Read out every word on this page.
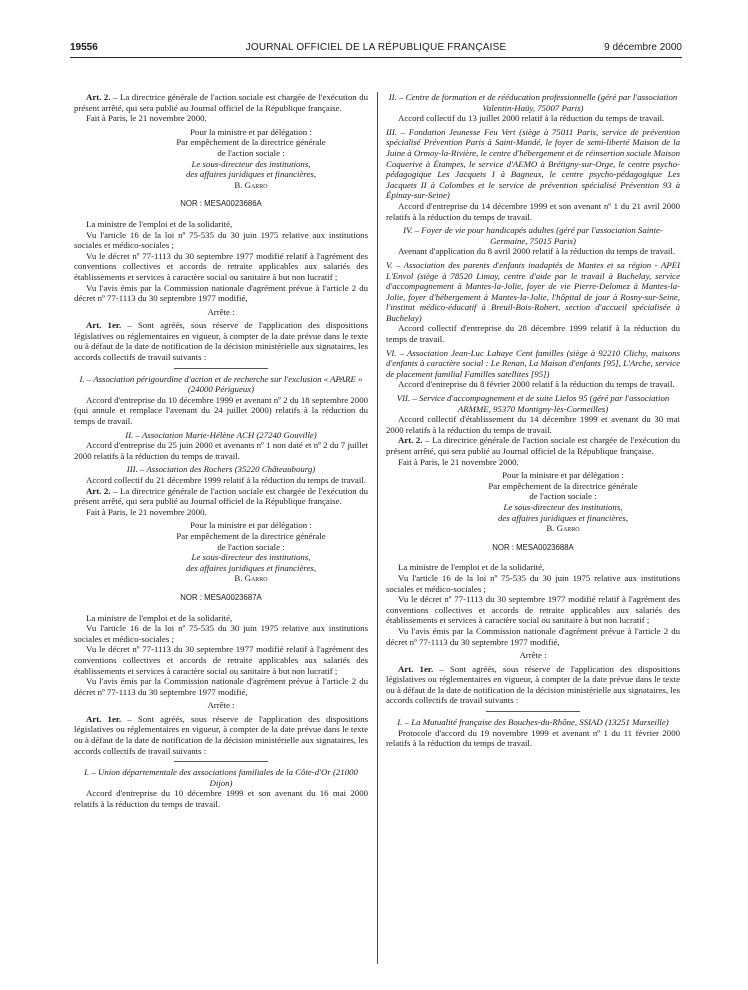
19556	JOURNAL OFFICIEL DE LA RÉPUBLIQUE FRANÇAISE	9 décembre 2000

Art. 2. – La directrice générale de l'action sociale est chargée de l'exécution du présent arrêté, qui sera publié au Journal officiel de la République française.

Fait à Paris, le 21 novembre 2000.

Pour la ministre et par délégation :
Par empêchement de la directrice générale
de l'action sociale :
Le sous-directeur des institutions,
des affaires juridiques et financières,
B. Garro
NOR : MESA0023686A

La ministre de l'emploi et de la solidarité,

Vu l'article 16 de la loi nº 75-535 du 30 juin 1975 relative aux institutions sociales et médico-sociales ;

Vu le décret nº 77-1113 du 30 septembre 1977 modifié relatif à l'agrément des conventions collectives et accords de retraite applicables aux salariés des établissements et services à caractère social ou sanitaire à but non lucratif ;

Vu l'avis émis par la Commission nationale d'agrément prévue à l'article 2 du décret nº 77-1113 du 30 septembre 1977 modifié,

Arrête :

Art. 1er. – Sont agréés, sous réserve de l'application des dispositions législatives ou réglementaires en vigueur, à compter de la date prévue dans le texte ou à défaut de la date de notification de la décision ministérielle aux signataires, les accords collectifs de travail suivants :

I. – Association périgourdine d'action et de recherche sur l'exclusion « APARE » (24000 Périgueux)

Accord d'entreprise du 10 décembre 1999 et avenant nº 2 du 18 septembre 2000 (qui annule et remplace l'avenant du 24 juillet 2000) relatifs à la réduction du temps de travail.

II. – Association Marie-Hélène ACH (27240 Gouville)

Accord d'entreprise du 25 juin 2000 et avenants nº 1 non daté et nº 2 du 7 juillet 2000 relatifs à la réduction du temps de travail.

III. – Association des Rochers (35220 Châteaubourg)

Accord collectif du 21 décembre 1999 relatif à la réduction du temps de travail.

Art. 2. – La directrice générale de l'action sociale est chargée de l'exécution du présent arrêté, qui sera publié au Journal officiel de la République française.

Fait à Paris, le 21 novembre 2000.

Pour la ministre et par délégation :
Par empêchement de la directrice générale
de l'action sociale :
Le sous-directeur des institutions,
des affaires juridiques et financières,
B. Garro
NOR : MESA0023687A

La ministre de l'emploi et de la solidarité,

Vu l'article 16 de la loi nº 75-535 du 30 juin 1975 relative aux institutions sociales et médico-sociales ;

Vu le décret nº 77-1113 du 30 septembre 1977 modifié relatif à l'agrément des conventions collectives et accords de retraite applicables aux salariés des établissements et services à caractère social ou sanitaire à but non lucratif ;

Vu l'avis émis par la Commission nationale d'agrément prévue à l'article 2 du décret nº 77-1113 du 30 septembre 1977 modifié,

Arrête :

Art. 1er. – Sont agréés, sous réserve de l'application des dispositions législatives ou réglementaires en vigueur, à compter de la date prévue dans le texte ou à défaut de la date de notification de la décision ministérielle aux signataires, les accords collectifs de travail suivants :

I. – Union départementale des associations familiales de la Côte-d'Or (21000 Dijon)

Accord d'entreprise du 10 décembre 1999 et son avenant du 16 mai 2000 relatifs à la réduction du temps de travail.

II. – Centre de formation et de rééducation professionnelle (géré par l'association Valentin-Haüy, 75007 Paris)

Accord collectif du 13 juillet 2000 relatif à la réduction du temps de travail.

III. – Fondation Jeunesse Feu Vert (siège à 75011 Paris, service de prévention spécialisé Prévention Paris à Saint-Mandé, le foyer de semi-liberté Maison de la Juine à Ormoy-la-Rivière, le centre d'hébergement et de réinsertion sociale Maison Coquerive à Étampes, le service d'AEMO à Brétigny-sur-Orge, le centre psycho-pédagogique Les Jacquets I à Bagneux, le centre psycho-pédagogique Les Jacquets II à Colombes et le service de prévention spécialisé Prévention 93 à Épinay-sur-Seine)

Accord d'entreprise du 14 décembre 1999 et son avenant nº 1 du 21 avril 2000 relatifs à la réduction du temps de travail.

IV. – Foyer de vie pour handicapés adultes (géré par l'association Sainte-Germaine, 75015 Paris)

Avenant d'application du 8 avril 2000 relatif à la réduction du temps de travail.

V. – Association des parents d'enfants inadaptés de Mantes et sa région - APEI L'Envol (siège à 78520 Limay, centre d'aide par le travail à Buchelay, service d'accompagnement à Mantes-la-Jolie, foyer de vie Pierre-Delomez à Mantes-la-Jolie, foyer d'hébergement à Mantes-la-Jolie, l'hôpital de jour à Rosny-sur-Seine, l'institut médico-éducatif à Breuil-Bois-Robert, section d'accueil spécialisée à Buchelay)

Accord collectif d'entreprise du 28 décembre 1999 relatif à la réduction du temps de travail.

VI. – Association Jean-Luc Lahaye Cent familles (siège à 92210 Clichy, maisons d'enfants à caractère social : Le Renan, La Maison d'enfants [95], L'Arche, service de placement familial Familles satellites [95])

Accord d'entreprise du 8 février 2000 relatif à la réduction du temps de travail.

VII. – Service d'accompagnement et de suite Lielos 95 (géré par l'association ARMME, 95370 Montigny-lès-Cormeilles)

Accord collectif d'établissement du 14 décembre 1999 et avenant du 30 mai 2000 relatifs à la réduction du temps de travail.

Art. 2. – La directrice générale de l'action sociale est chargée de l'exécution du présent arrêté, qui sera publié au Journal officiel de la République française.

Fait à Paris, le 21 novembre 2000.

Pour la ministre et par délégation :
Par empêchement de la directrice générale
de l'action sociale :
Le sous-directeur des institutions,
des affaires juridiques et financières,
B. Garro
NOR : MESA0023688A

La ministre de l'emploi et de la solidarité,

Vu l'article 16 de la loi nº 75-535 du 30 juin 1975 relative aux institutions sociales et médico-sociales ;

Vu le décret nº 77-1113 du 30 septembre 1977 modifié relatif à l'agrément des conventions collectives et accords de retraite applicables aux salariés des établissements et services à caractère social ou sanitaire à but non lucratif ;

Vu l'avis émis par la Commission nationale d'agrément prévue à l'article 2 du décret nº 77-1113 du 30 septembre 1977 modifié,

Arrête :

Art. 1er. – Sont agréés, sous réserve de l'application des dispositions législatives ou réglementaires en vigueur, à compter de la date prévue dans le texte ou à défaut de la date de notification de la décision ministérielle aux signataires, les accords collectifs de travail suivants :

I. – La Mutualité française des Bouches-du-Rhône, SSIAD (13251 Marseille)

Protocole d'accord du 19 novembre 1999 et avenant nº 1 du 11 février 2000 relatifs à la réduction du temps de travail.
